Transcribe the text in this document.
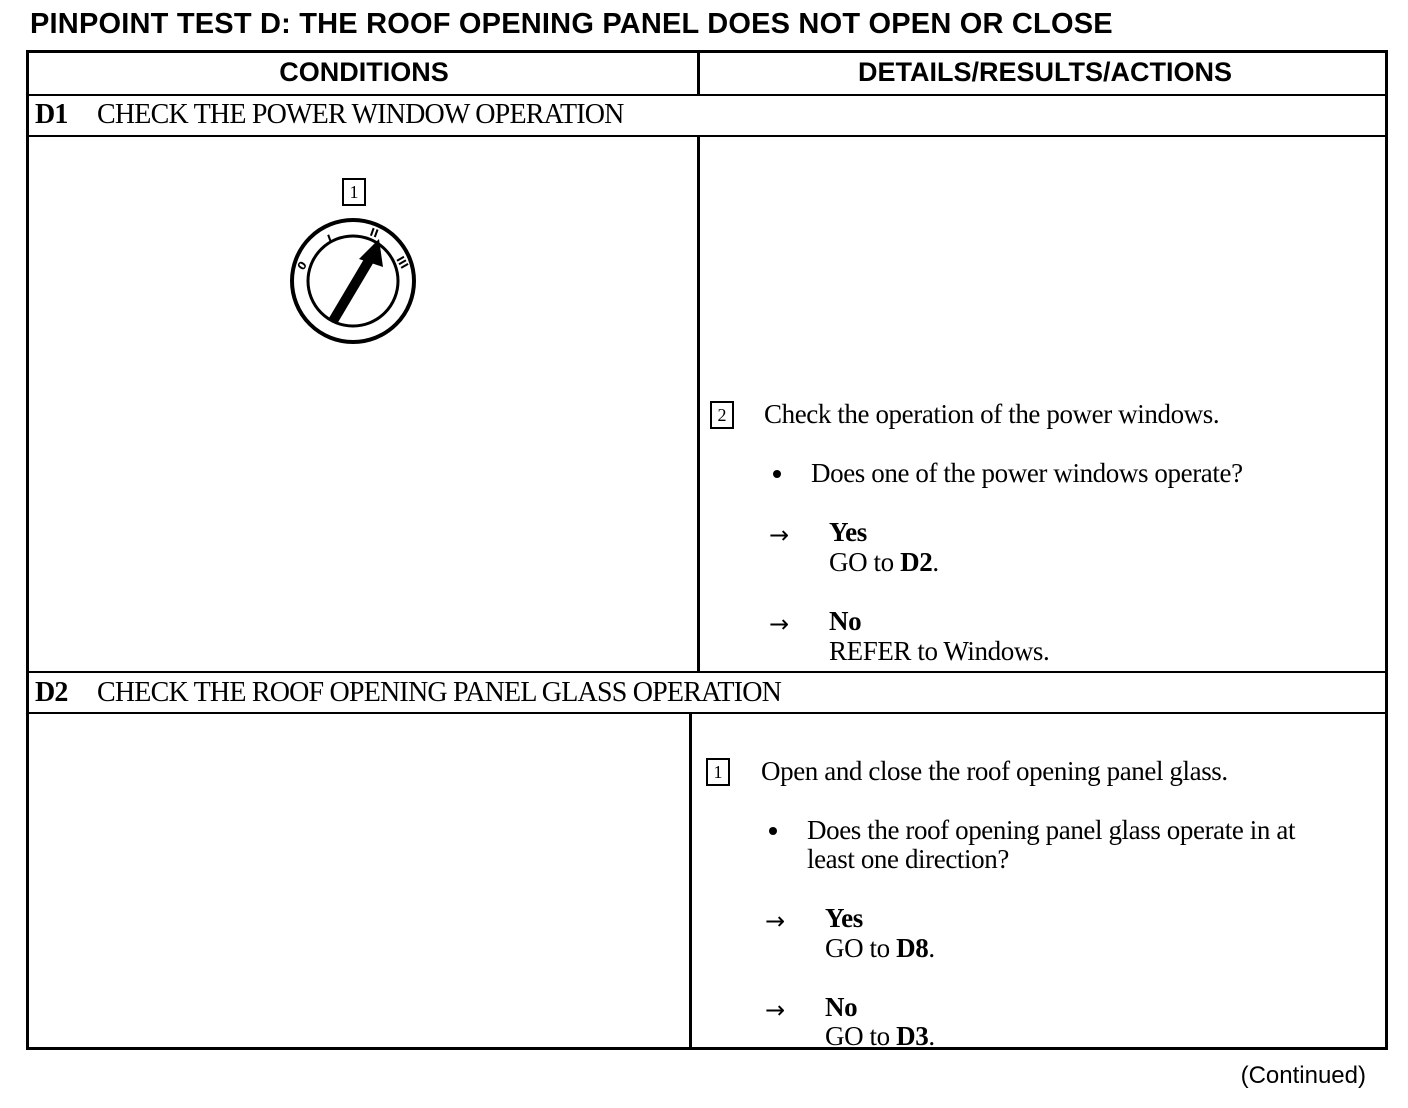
PINPOINT TEST D: THE ROOF OPENING PANEL DOES NOT OPEN OR CLOSE
CONDITIONS	DETAILS/RESULTS/ACTIONS
D1 CHECK THE POWER WINDOW OPERATION
1
0
I	II
III
2 Check the operation of the power windows.
Does one of the power windows operate?
→ Yes
GO to D2.
→ No
REFER to Windows.
D2 CHECK THE ROOF OPENING PANEL GLASS OPERATION
1 Open and close the roof opening panel glass.
Does the roof opening panel glass operate in at
least one direction?
→ Yes
GO to D8.
→ No
GO to D3.
(Continued)
